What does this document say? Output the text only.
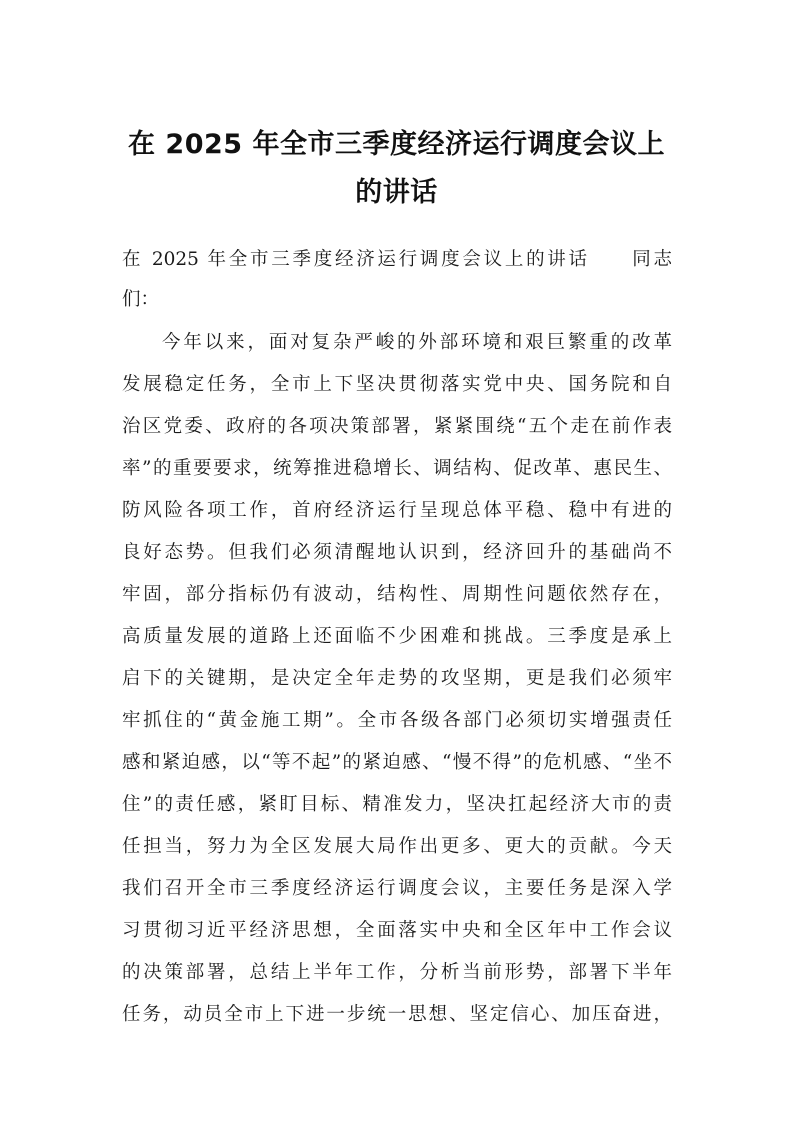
在 2025 年全市三季度经济运行调度会议上
的讲话
在 2025 年全市三季度经济运行调度会议上的讲话　　同志
们：
今年以来，面对复杂严峻的外部环境和艰巨繁重的改革
发展稳定任务，全市上下坚决贯彻落实党中央、国务院和自
治区党委、政府的各项决策部署，紧紧围绕“五个走在前作表
率”的重要要求，统筹推进稳增长、调结构、促改革、惠民生、
防风险各项工作，首府经济运行呈现总体平稳、稳中有进的
良好态势。但我们必须清醒地认识到，经济回升的基础尚不
牢固，部分指标仍有波动，结构性、周期性问题依然存在，
高质量发展的道路上还面临不少困难和挑战。三季度是承上
启下的关键期，是决定全年走势的攻坚期，更是我们必须牢
牢抓住的“黄金施工期”。全市各级各部门必须切实增强责任
感和紧迫感，以“等不起”的紧迫感、“慢不得”的危机感、“坐不
住”的责任感，紧盯目标、精准发力，坚决扛起经济大市的责
任担当，努力为全区发展大局作出更多、更大的贡献。今天
我们召开全市三季度经济运行调度会议，主要任务是深入学
习贯彻习近平经济思想，全面落实中央和全区年中工作会议
的决策部署，总结上半年工作，分析当前形势，部署下半年
任务，动员全市上下进一步统一思想、坚定信心、加压奋进，
